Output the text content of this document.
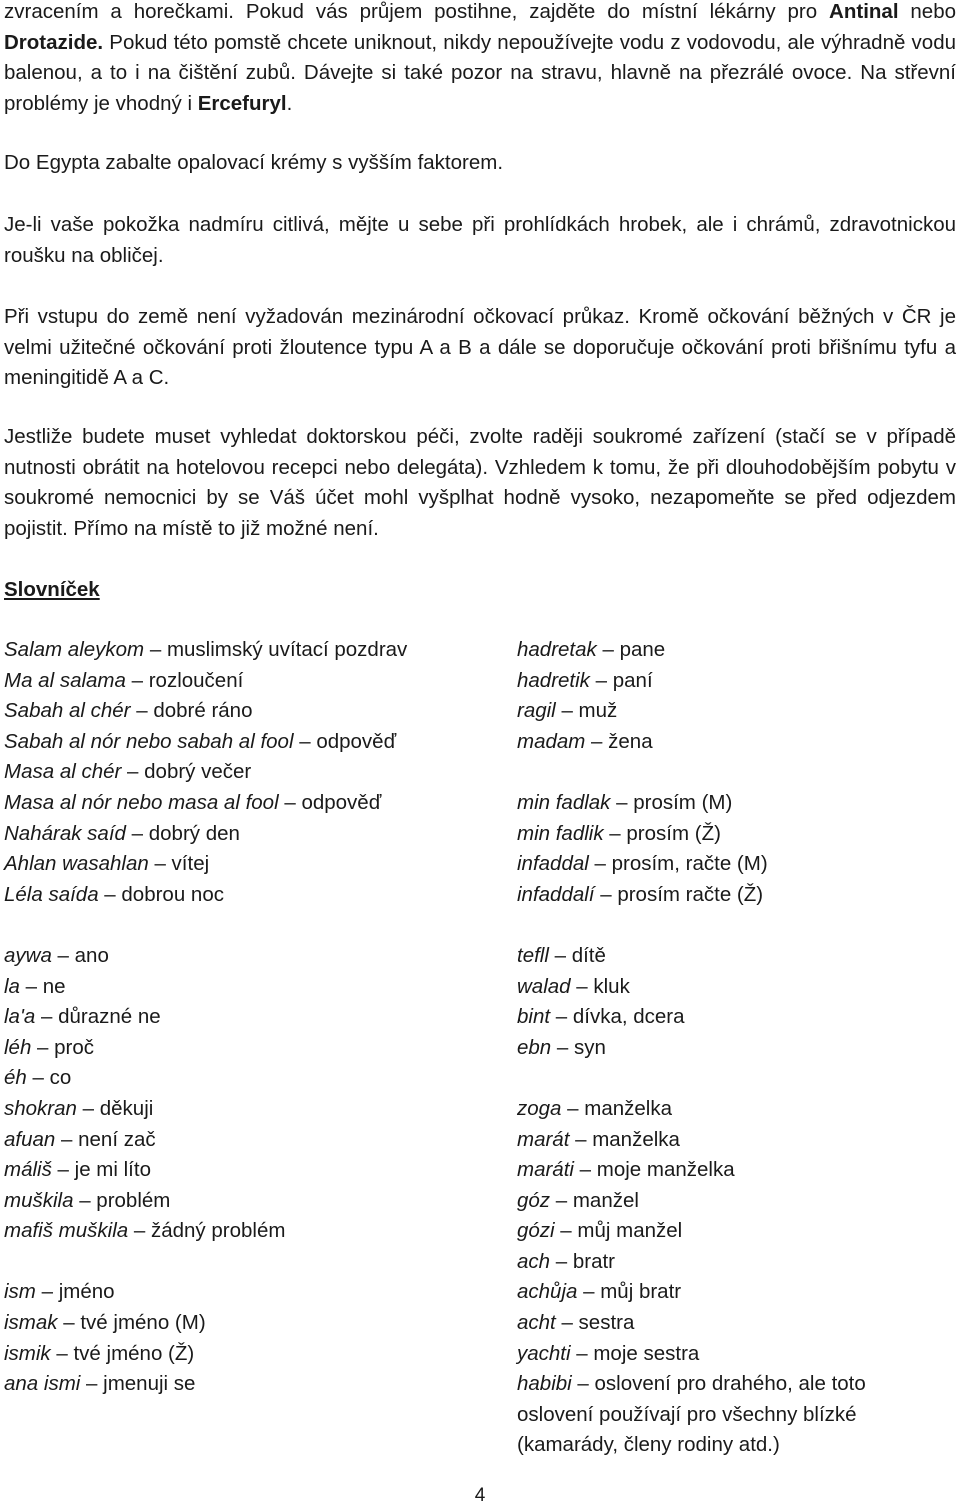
zvracením a horečkami. Pokud vás průjem postihne, zajděte do místní lékárny pro Antinal nebo Drotazide. Pokud této pomstě chcete uniknout, nikdy nepoužívejte vodu z vodovodu, ale výhradně vodu balenou, a to i na čištění zubů. Dávejte si také pozor na stravu, hlavně na přezrálé ovoce. Na střevní problémy je vhodný i Ercefuryl.

Do Egypta zabalte opalovací krémy s vyšším faktorem.

Je-li vaše pokožka nadmíru citlivá, mějte u sebe při prohlídkách hrobek, ale i chrámů, zdravotnickou roušku na obličej.

Při vstupu do země není vyžadován mezinárodní očkovací průkaz. Kromě očkování běžných v ČR je velmi užitečné očkování proti žloutence typu A a B a dále se doporučuje očkování proti břišnímu tyfu a meningitidě A a C.

Jestliže budete muset vyhledat doktorskou péči, zvolte raději soukromé zařízení (stačí se v případě nutnosti obrátit na hotelovou recepci nebo delegáta). Vzhledem k tomu, že při dlouhodobějším pobytu v soukromé nemocnici by se Váš účet mohl vyšplhat hodně vysoko, nezapomeňte se před odjezdem pojistit. Přímo na místě to již možné není.

Slovníček

Salam aleykom – muslimský uvítací pozdrav

Ma al salama – rozloučení

Sabah al chér – dobré ráno

Sabah al nór nebo sabah al fool – odpověď

Masa al chér – dobrý večer

Masa al nór nebo masa al fool – odpověď

Nahárak saíd – dobrý den

Ahlan wasahlan – vítej

Léla saída – dobrou noc

aywa – ano

la – ne

la'a – důrazné ne

léh – proč

éh – co

shokran – děkuji

afuan – není zač

máliš – je mi líto

muškila – problém

mafiš muškila – žádný problém

ism – jméno

ismak – tvé jméno (M)

ismik – tvé jméno (Ž)

ana ismi – jmenuji se

hadretak – pane

hadretik – paní

ragil – muž

madam – žena

min fadlak – prosím (M)

min fadlik – prosím (Ž)

infaddal – prosím, račte (M)

infaddalí – prosím račte (Ž)

tefll – dítě

walad – kluk

bint – dívka, dcera

ebn – syn

zoga – manželka

marát – manželka

maráti – moje manželka

góz – manžel

gózi – můj manžel

ach – bratr

achůja – můj bratr

acht – sestra

yachti – moje sestra

habibi – oslovení pro drahého, ale toto oslovení používají pro všechny blízké (kamarády, členy rodiny atd.)

4
